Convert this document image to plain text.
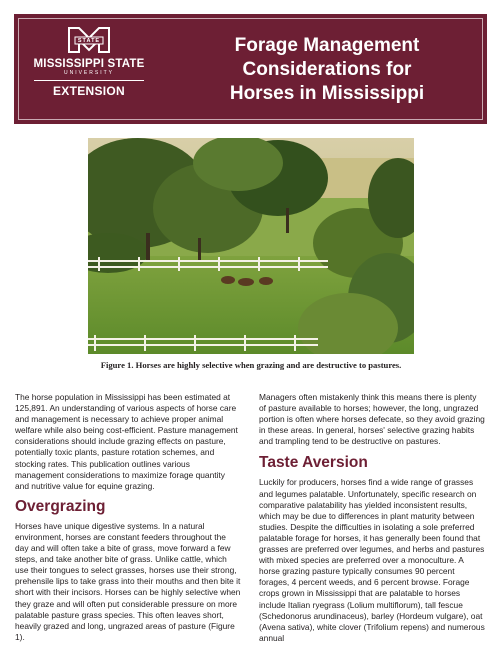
STATE
MISSISSIPPI STATE
UNIVERSITY
EXTENSION
Forage Management
Considerations for
Horses in Mississippi
Figure 1. Horses are highly selective when grazing and are destructive to pastures.

The horse population in Mississippi has been estimated at 125,891. An understanding of various aspects of horse care and management is necessary to achieve proper animal welfare while also being cost-efficient. Pasture management considerations should include grazing effects on pasture, potentially toxic plants, pasture rotation schemes, and stocking rates. This publication outlines various management considerations to maximize forage quantity and nutritive value for equine grazing.

Overgrazing

Horses have unique digestive systems. In a natural environment, horses are constant feeders throughout the day and will often take a bite of grass, move forward a few steps, and take another bite of grass. Unlike cattle, which use their tongues to select grasses, horses use their strong, prehensile lips to take grass into their mouths and then bite it short with their incisors. Horses can be highly selective when they graze and will often put considerable pressure on more palatable pasture grass species. This often leaves short, heavily grazed and long, ungrazed areas of pasture (Figure 1).

Managers often mistakenly think this means there is plenty of pasture available to horses; however, the long, ungrazed portion is often where horses defecate, so they avoid grazing in these areas. In general, horses' selective grazing habits and trampling tend to be destructive on pastures.

Taste Aversion

Luckily for producers, horses find a wide range of grasses and legumes palatable. Unfortunately, specific research on comparative palatability has yielded inconsistent results, which may be due to differences in plant maturity between studies. Despite the difficulties in isolating a sole preferred palatable forage for horses, it has generally been found that grasses are preferred over legumes, and herbs and pastures with mixed species are preferred over a monoculture. A horse grazing pasture typically consumes 90 percent forages, 4 percent weeds, and 6 percent browse. Forage crops grown in Mississippi that are palatable to horses include Italian ryegrass (Lolium multiflorum), tall fescue (Schedonorus arundinaceus), barley (Hordeum vulgare), oat (Avena sativa), white clover (Trifolium repens) and numerous annual
